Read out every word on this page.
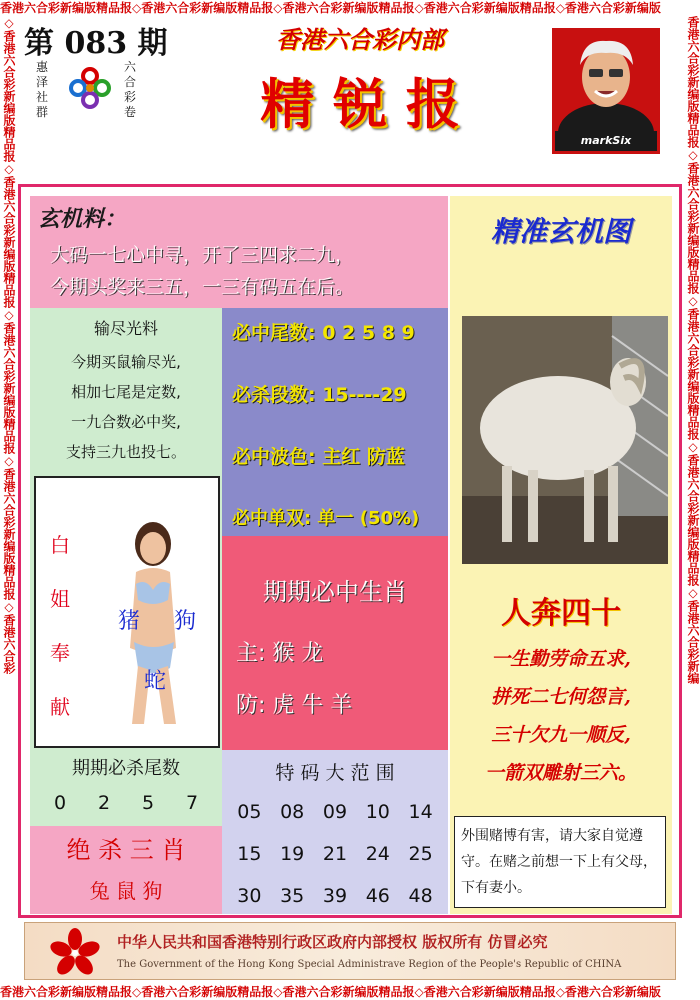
香港六合彩新编版精品报◇香港六合彩新编版精品报◇香港六合彩新编版精品报◇香港六合彩新编版精品报◇香港六合彩新编版
香港六合彩新编版精品报◇香港六合彩新编版精品报◇香港六合彩新编版精品报◇香港六合彩新编版精品报◇香港六合彩新编版
◇香港六合彩新编版精品报◇香港六合彩新编版精品报◇香港六合彩新编版精品报◇香港六合彩新编版精品报◇香港六合彩	香港六合彩新编版精品报◇香港六合彩新编版精品报◇香港六合彩新编版精品报◇香港六合彩新编版精品报◇香港六合彩新编
第 083 期
惠泽社群
六合彩卷
香港六合彩内部
精 锐 报
markSix
玄机料：
大码一七心中寻，开了三四求二九，
今期头奖来三五，一三有码五在后。
输尽光料
今期买鼠输尽光,
相加七尾是定数,
一九合数必中奖,
支持三九也投七。
必中尾数: 0 2 5 8 9
必杀段数: 15----29
必中波色: 主红 防蓝
必中单双: 单一 (50%)
白
姐
奉
献
猪 狗
蛇
期期必中生肖
主: 猴 龙
防: 虎 牛 羊
期期必杀尾数
0 2 5 7
绝 杀 三 肖
兔 鼠 狗
特 码 大 范 围
05 08 09 10 14
15 19 21 24 25
30 35 39 46 48
精准玄机图
人奔四十
一生勤劳命五求,
拼死二七何怨言,
三十欠九一顺反,
一箭双雕射三六。
外围赌博有害，请大家自觉遵守。在赌之前想一下上有父母，下有妻小。
中华人民共和国香港特别行政区政府内部授权 版权所有 仿冒必究
The Government of the Hong Kong Special Administrave Region of the People's Republic of CHINA
